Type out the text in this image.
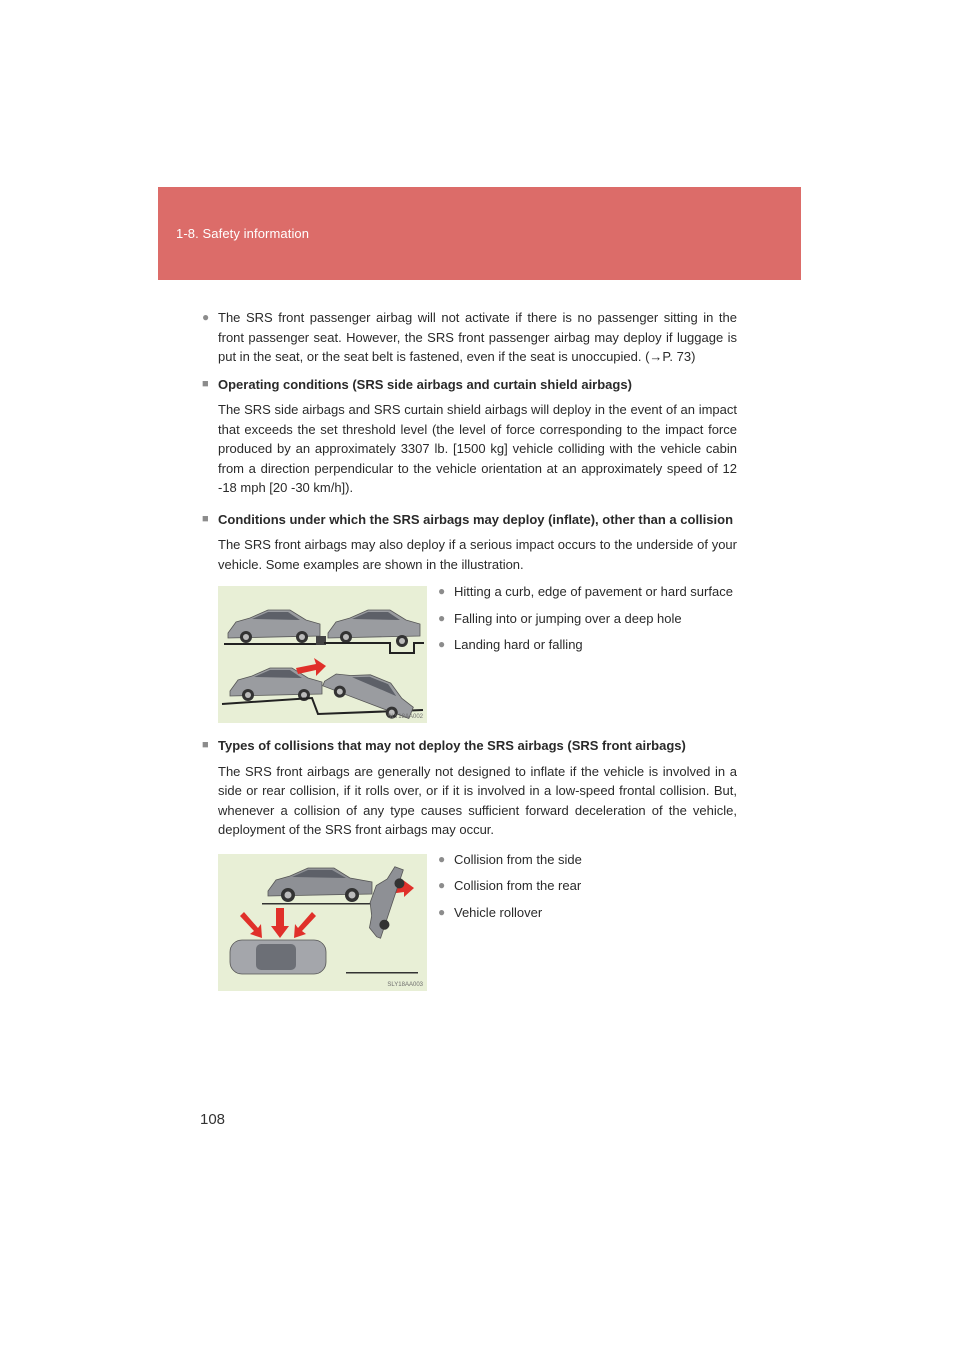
1-8. Safety information
● The SRS front passenger airbag will not activate if there is no passenger sitting in the front passenger seat. However, the SRS front passenger airbag may deploy if luggage is put in the seat, or the seat belt is fastened, even if the seat is unoccupied. (→P. 73)
■ Operating conditions (SRS side airbags and curtain shield airbags)
The SRS side airbags and SRS curtain shield airbags will deploy in the event of an impact that exceeds the set threshold level (the level of force corresponding to the impact force produced by an approximately 3307 lb. [1500 kg] vehicle colliding with the vehicle cabin from a direction perpendicular to the vehicle orientation at an approximately speed of 12 -18 mph [20 -30 km/h]).
■ Conditions under which the SRS airbags may deploy (inflate), other than a collision
The SRS front airbags may also deploy if a serious impact occurs to the underside of your vehicle. Some examples are shown in the illustration.
SLY18AA002
● Hitting a curb, edge of pavement or hard surface
● Falling into or jumping over a deep hole
● Landing hard or falling
■ Types of collisions that may not deploy the SRS airbags (SRS front airbags)
The SRS front airbags are generally not designed to inflate if the vehicle is involved in a side or rear collision, if it rolls over, or if it is involved in a low-speed frontal collision. But, whenever a collision of any type causes sufficient forward deceleration of the vehicle, deployment of the SRS front airbags may occur.
SLY18AA003
● Collision from the side
● Collision from the rear
● Vehicle rollover
108
